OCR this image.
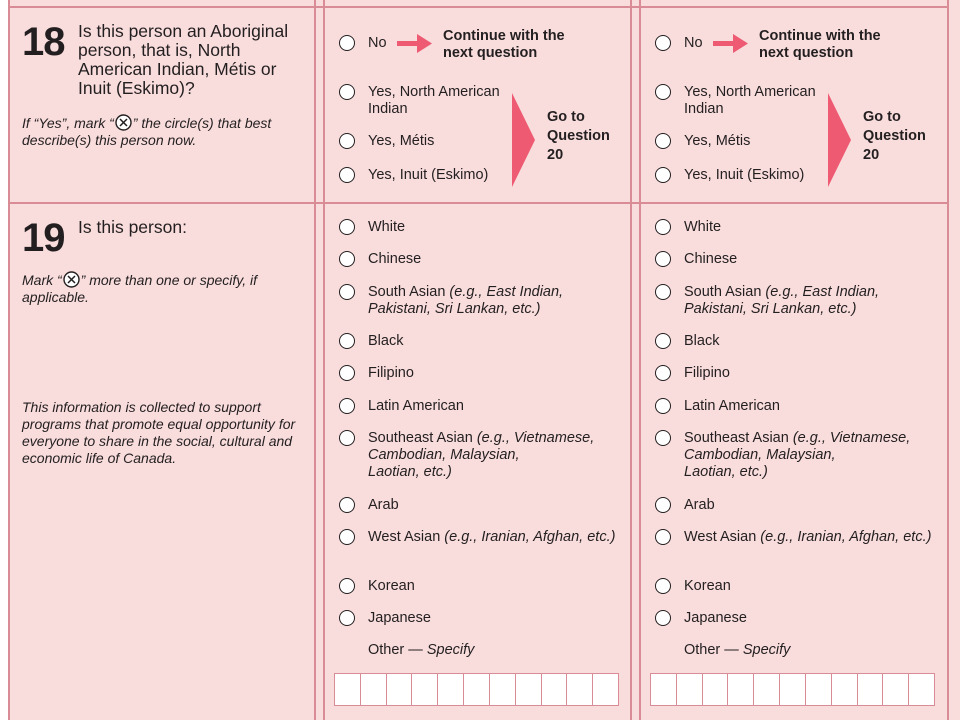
18 Is this person an Aboriginal
person, that is, North
American Indian, Métis or
Inuit (Eskimo)?
If “Yes”, mark “ ” the circle(s) that best
describe(s) this person now.
No	Continue with the
next question
Yes, North American
Indian
Yes, Métis
Yes, Inuit (Eskimo)
Go to
Question
20
No	Continue with the
next question
Yes, North American
Indian
Yes, Métis
Yes, Inuit (Eskimo)
Go to
Question
20
19 Is this person:
Mark “ ” more than one or specify, if
applicable.
This information is collected to support
programs that promote equal opportunity for
everyone to share in the social, cultural and
economic life of Canada.
White
Chinese
South Asian (e.g., East Indian,
Pakistani, Sri Lankan, etc.)
Black
Filipino
Latin American
Southeast Asian (e.g., Vietnamese,
Cambodian, Malaysian,
Laotian, etc.)
Arab
West Asian (e.g., Iranian, Afghan, etc.)
Korean
Japanese
Other — Specify
White
Chinese
South Asian (e.g., East Indian,
Pakistani, Sri Lankan, etc.)
Black
Filipino
Latin American
Southeast Asian (e.g., Vietnamese,
Cambodian, Malaysian,
Laotian, etc.)
Arab
West Asian (e.g., Iranian, Afghan, etc.)
Korean
Japanese
Other — Specify
